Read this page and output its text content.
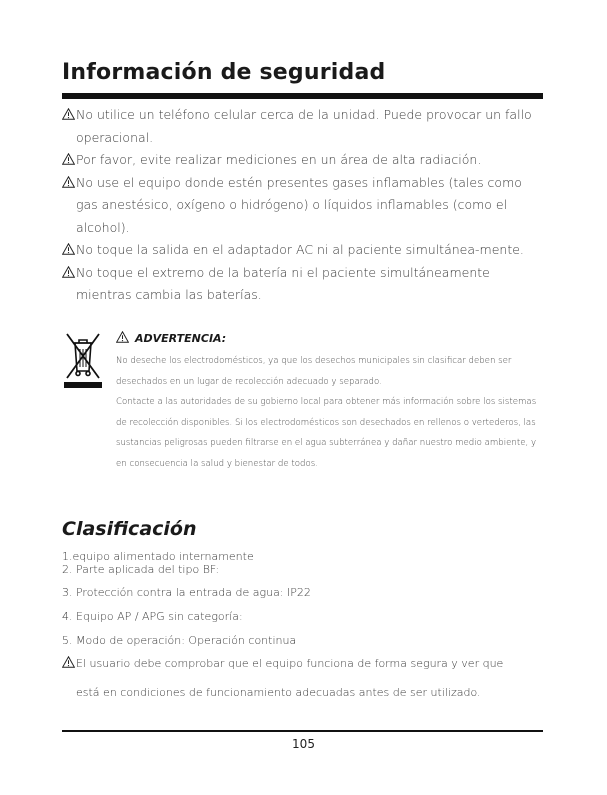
Información de seguridad
No utilice un teléfono celular cerca de la unidad. Puede provocar un fallo operacional.
Por favor, evite realizar mediciones en un área de alta radiación.
No use el equipo donde estén presentes gases inflamables (tales como gas anestésico, oxígeno o hidrógeno) o líquidos inflamables (como el alcohol).
No toque la salida en el adaptador AC ni al paciente simultánea-mente.
No toque el extremo de la batería ni el paciente simultáneamente mientras cambia las baterías.

ADVERTENCIA:

No deseche los electrodomésticos, ya que los desechos municipales sin clasificar deben ser desechados en un lugar de recolección adecuado y separado.

Contacte a las autoridades de su gobierno local para obtener más información sobre los sistemas de recolección disponibles. Si los electrodomésticos son desechados en rellenos o vertederos, las sustancias peligrosas pueden filtrarse en el agua subterránea y dañar nuestro medio ambiente, y en consecuencia la salud y bienestar de todos.

Clasificación
1.equipo alimentado internamente
2. Parte aplicada del tipo BF:
3. Protección contra la entrada de agua: IP22
4. Equipo AP / APG sin categoría:
5. Modo de operación: Operación continua
El usuario debe comprobar que el equipo funciona de forma segura y ver que
está en condiciones de funcionamiento adecuadas antes de ser utilizado.
105
